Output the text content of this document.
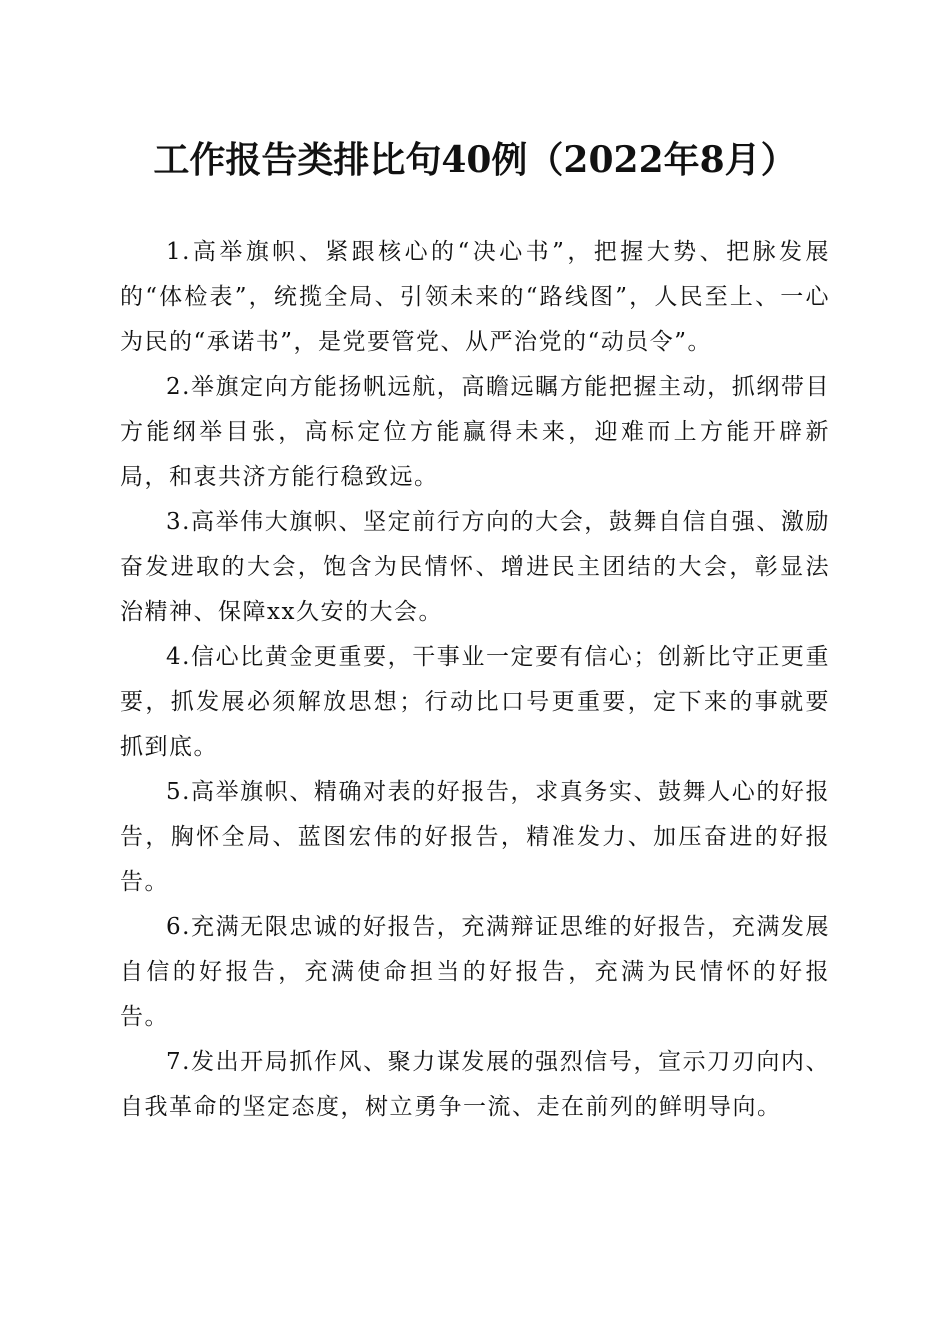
工作报告类排比句40例（2022年8月）

1.高举旗帜、紧跟核心的“决心书”，把握大势、把脉发展的“体检表”，统揽全局、引领未来的“路线图”，人民至上、一心为民的“承诺书”，是党要管党、从严治党的“动员令”。

2.举旗定向方能扬帆远航，高瞻远瞩方能把握主动，抓纲带目方能纲举目张，高标定位方能赢得未来，迎难而上方能开辟新局，和衷共济方能行稳致远。

3.高举伟大旗帜、坚定前行方向的大会，鼓舞自信自强、激励奋发进取的大会，饱含为民情怀、增进民主团结的大会，彰显法治精神、保障xx久安的大会。

4.信心比黄金更重要，干事业一定要有信心；创新比守正更重要，抓发展必须解放思想；行动比口号更重要，定下来的事就要抓到底。

5.高举旗帜、精确对表的好报告，求真务实、鼓舞人心的好报告，胸怀全局、蓝图宏伟的好报告，精准发力、加压奋进的好报告。

6.充满无限忠诚的好报告，充满辩证思维的好报告，充满发展自信的好报告，充满使命担当的好报告，充满为民情怀的好报告。

7.发出开局抓作风、聚力谋发展的强烈信号，宣示刀刃向内、自我革命的坚定态度，树立勇争一流、走在前列的鲜明导向。
